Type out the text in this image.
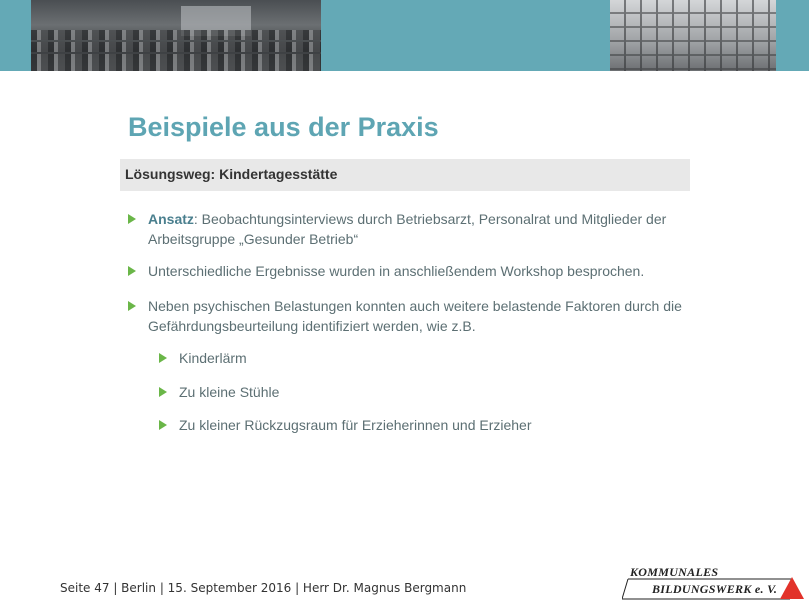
Beispiele aus der Praxis
Lösungsweg: Kindertagesstätte
Ansatz: Beobachtungsinterviews durch Betriebsarzt, Personalrat und Mitglieder der Arbeitsgruppe „Gesunder Betrieb“
Unterschiedliche Ergebnisse wurden in anschließendem Workshop besprochen.
Neben psychischen Belastungen konnten auch weitere belastende Faktoren durch die Gefährdungsbeurteilung identifiziert werden, wie z.B.
Kinderlärm
Zu kleine Stühle
Zu kleiner Rückzugsraum für Erzieherinnen und Erzieher
Seite 47 | Berlin | 15. September 2016 | Herr Dr. Magnus Bergmann
KOMMUNALES
BILDUNGSWERK e. V.
